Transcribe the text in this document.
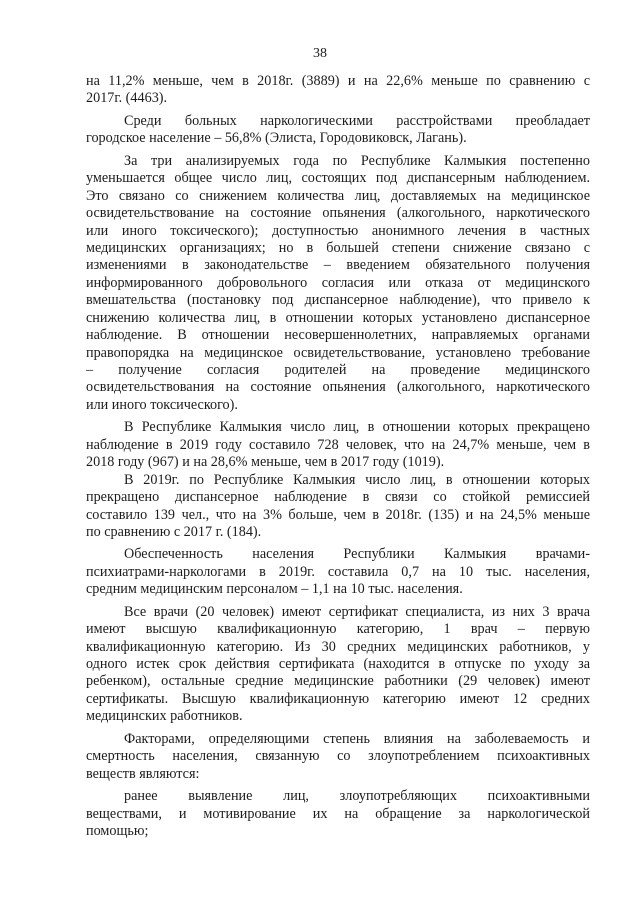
38
на 11,2% меньше, чем в 2018г. (3889) и на 22,6% меньше по сравнению с
2017г. (4463).
Среди больных наркологическими расстройствами преобладает
городское население – 56,8% (Элиста, Городовиковск, Лагань).
За три анализируемых года по Республике Калмыкия постепенно
уменьшается общее число лиц, состоящих под диспансерным наблюдением.
Это связано со снижением количества лиц, доставляемых на медицинское
освидетельствование на состояние опьянения (алкогольного, наркотического
или иного токсического); доступностью анонимного лечения в частных
медицинских организациях; но в большей степени снижение связано с
изменениями в законодательстве – введением обязательного получения
информированного добровольного согласия или отказа от медицинского
вмешательства (постановку под диспансерное наблюдение), что привело к
снижению количества лиц, в отношении которых установлено диспансерное
наблюдение. В отношении несовершеннолетних, направляемых органами
правопорядка на медицинское освидетельствование, установлено требование
– получение согласия родителей на проведение медицинского
освидетельствования на состояние опьянения (алкогольного, наркотического
или иного токсического).
В Республике Калмыкия число лиц, в отношении которых прекращено
наблюдение в 2019 году составило 728 человек, что на 24,7% меньше, чем в
2018 году (967) и на 28,6% меньше, чем в 2017 году (1019).
В 2019г. по Республике Калмыкия число лиц, в отношении которых
прекращено диспансерное наблюдение в связи со стойкой ремиссией
составило 139 чел., что на 3% больше, чем в 2018г. (135) и на 24,5% меньше
по сравнению с 2017 г. (184).
Обеспеченность населения Республики Калмыкия врачами-
психиатрами-наркологами в 2019г. составила 0,7 на 10 тыс. населения,
средним медицинским персоналом – 1,1 на 10 тыс. населения.
Все врачи (20 человек) имеют сертификат специалиста, из них 3 врача
имеют высшую квалификационную категорию, 1 врач – первую
квалификационную категорию. Из 30 средних медицинских работников, у
одного истек срок действия сертификата (находится в отпуске по уходу за
ребенком), остальные средние медицинские работники (29 человек) имеют
сертификаты. Высшую квалификационную категорию имеют 12 средних
медицинских работников.
Факторами, определяющими степень влияния на заболеваемость и
смертность населения, связанную со злоупотреблением психоактивных
веществ являются:
ранее выявление лиц, злоупотребляющих психоактивными
веществами, и мотивирование их на обращение за наркологической
помощью;
